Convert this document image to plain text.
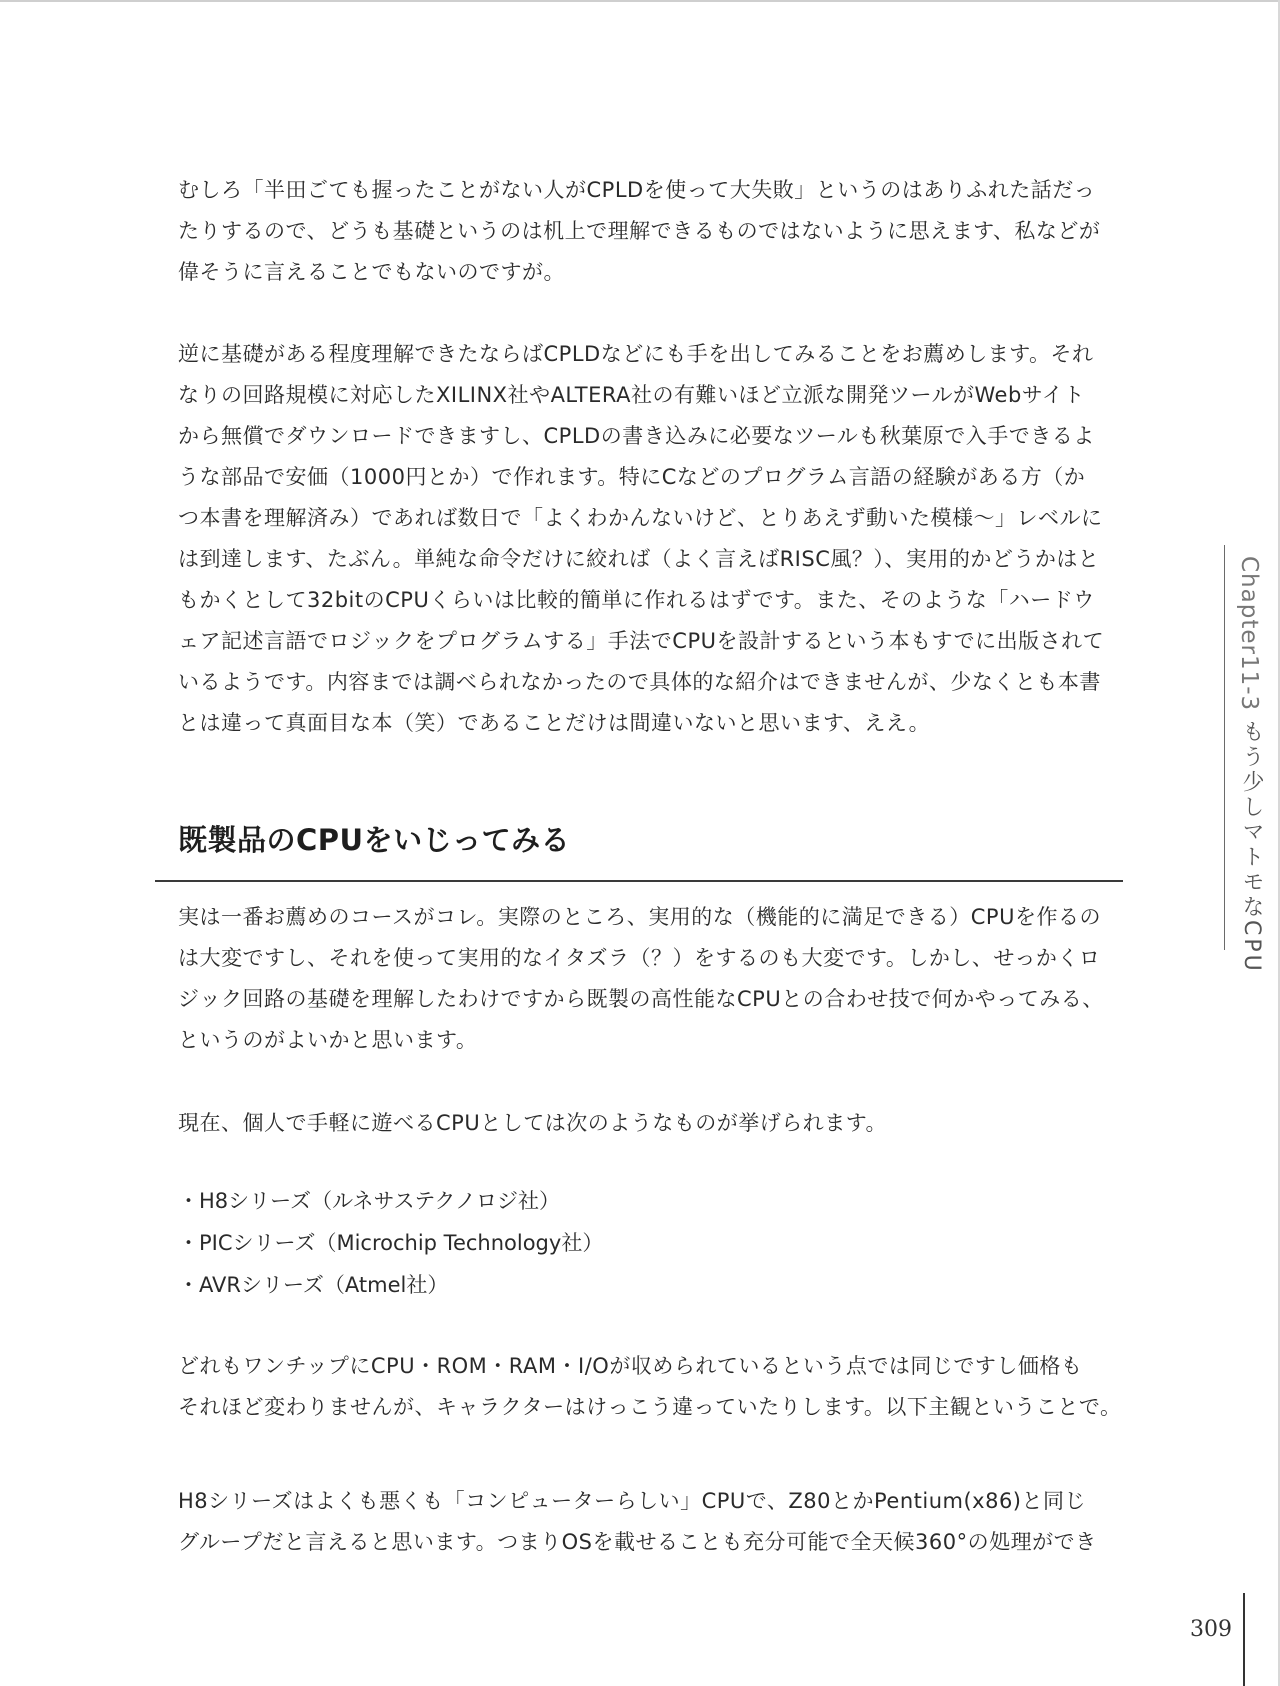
むしろ「半田ごても握ったことがない人がCPLDを使って大失敗」というのはありふれた話だっ
たりするので、どうも基礎というのは机上で理解できるものではないように思えます、私などが
偉そうに言えることでもないのですが。

逆に基礎がある程度理解できたならばCPLDなどにも手を出してみることをお薦めします。それ
なりの回路規模に対応したXILINX社やALTERA社の有難いほど立派な開発ツールがWebサイト
から無償でダウンロードできますし、CPLDの書き込みに必要なツールも秋葉原で入手できるよ
うな部品で安価（1000円とか）で作れます。特にCなどのプログラム言語の経験がある方（か
つ本書を理解済み）であれば数日で「よくわかんないけど、とりあえず動いた模様〜」レベルに
は到達します、たぶん。単純な命令だけに絞れば（よく言えばRISC風？）、実用的かどうかはと
もかくとして32bitのCPUくらいは比較的簡単に作れるはずです。また、そのような「ハードウ
ェア記述言語でロジックをプログラムする」手法でCPUを設計するという本もすでに出版されて
いるようです。内容までは調べられなかったので具体的な紹介はできませんが、少なくとも本書
とは違って真面目な本（笑）であることだけは間違いないと思います、ええ。

既製品のCPUをいじってみる

実は一番お薦めのコースがコレ。実際のところ、実用的な（機能的に満足できる）CPUを作るの
は大変ですし、それを使って実用的なイタズラ（？）をするのも大変です。しかし、せっかくロ
ジック回路の基礎を理解したわけですから既製の高性能なCPUとの合わせ技で何かやってみる、
というのがよいかと思います。

現在、個人で手軽に遊べるCPUとしては次のようなものが挙げられます。

・H8シリーズ（ルネサステクノロジ社）
・PICシリーズ（Microchip Technology社）
・AVRシリーズ（Atmel社）

どれもワンチップにCPU・ROM・RAM・I/Oが収められているという点では同じですし価格も
それほど変わりませんが、キャラクターはけっこう違っていたりします。以下主観ということで。

H8シリーズはよくも悪くも「コンピューターらしい」CPUで、Z80とかPentium(x86)と同じ
グループだと言えると思います。つまりOSを載せることも充分可能で全天候360°の処理ができ

Chapter11-3
もう少しマトモなCPU
309
